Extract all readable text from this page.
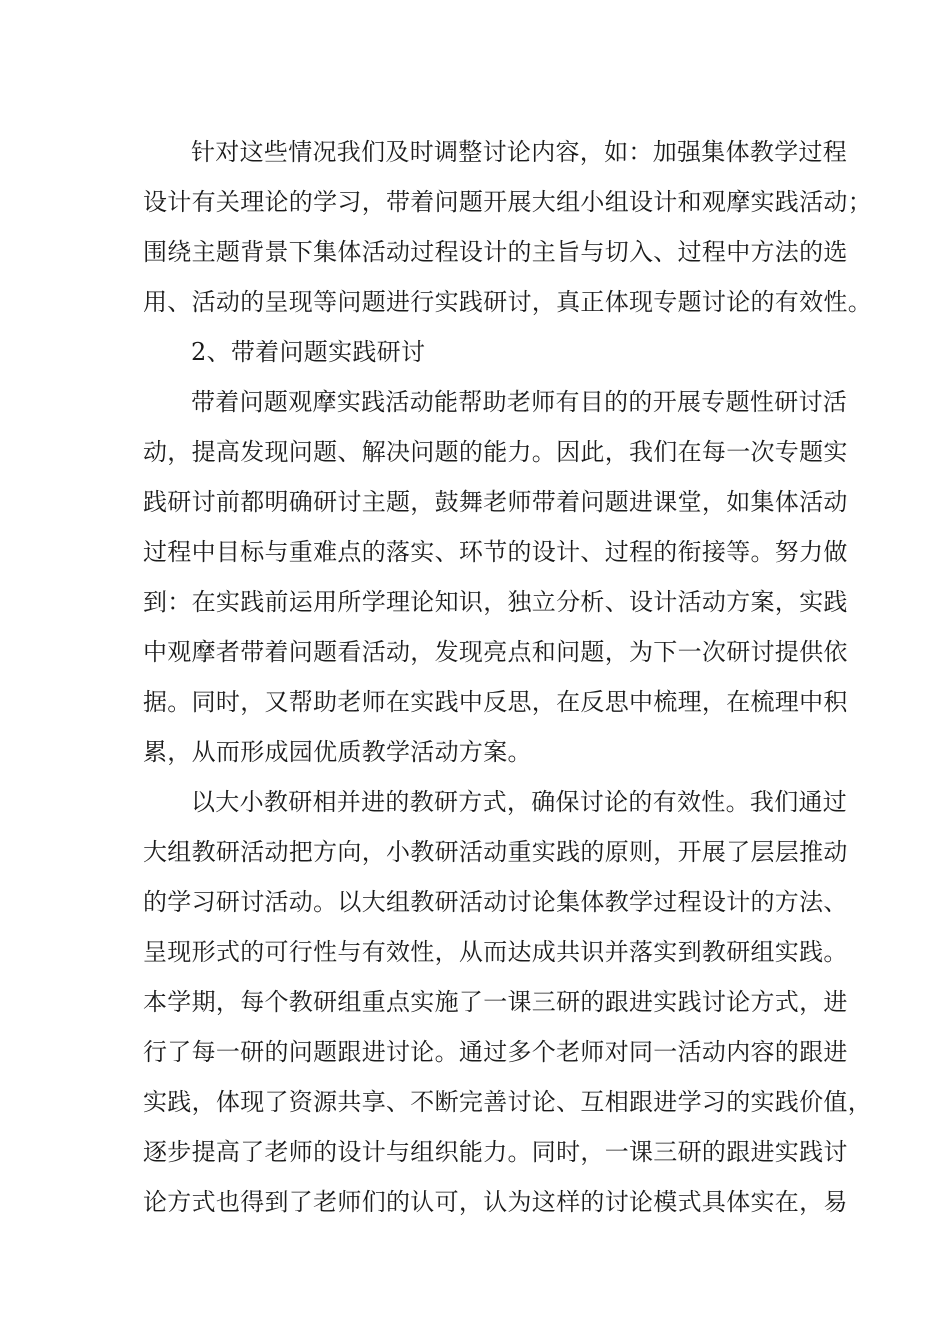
针对这些情况我们及时调整讨论内容，如：加强集体教学过程
设计有关理论的学习，带着问题开展大组小组设计和观摩实践活动；
围绕主题背景下集体活动过程设计的主旨与切入、过程中方法的选
用、活动的呈现等问题进行实践研讨，真正体现专题讨论的有效性。
2、带着问题实践研讨
带着问题观摩实践活动能帮助老师有目的的开展专题性研讨活
动，提高发现问题、解决问题的能力。因此，我们在每一次专题实
践研讨前都明确研讨主题，鼓舞老师带着问题进课堂，如集体活动
过程中目标与重难点的落实、环节的设计、过程的衔接等。努力做
到：在实践前运用所学理论知识，独立分析、设计活动方案，实践
中观摩者带着问题看活动，发现亮点和问题，为下一次研讨提供依
据。同时，又帮助老师在实践中反思，在反思中梳理，在梳理中积
累，从而形成园优质教学活动方案。
以大小教研相并进的教研方式，确保讨论的有效性。我们通过
大组教研活动把方向，小教研活动重实践的原则，开展了层层推动
的学习研讨活动。以大组教研活动讨论集体教学过程设计的方法、
呈现形式的可行性与有效性，从而达成共识并落实到教研组实践。
本学期，每个教研组重点实施了一课三研的跟进实践讨论方式，进
行了每一研的问题跟进讨论。通过多个老师对同一活动内容的跟进
实践，体现了资源共享、不断完善讨论、互相跟进学习的实践价值，
逐步提高了老师的设计与组织能力。同时，一课三研的跟进实践讨
论方式也得到了老师们的认可，认为这样的讨论模式具体实在，易
